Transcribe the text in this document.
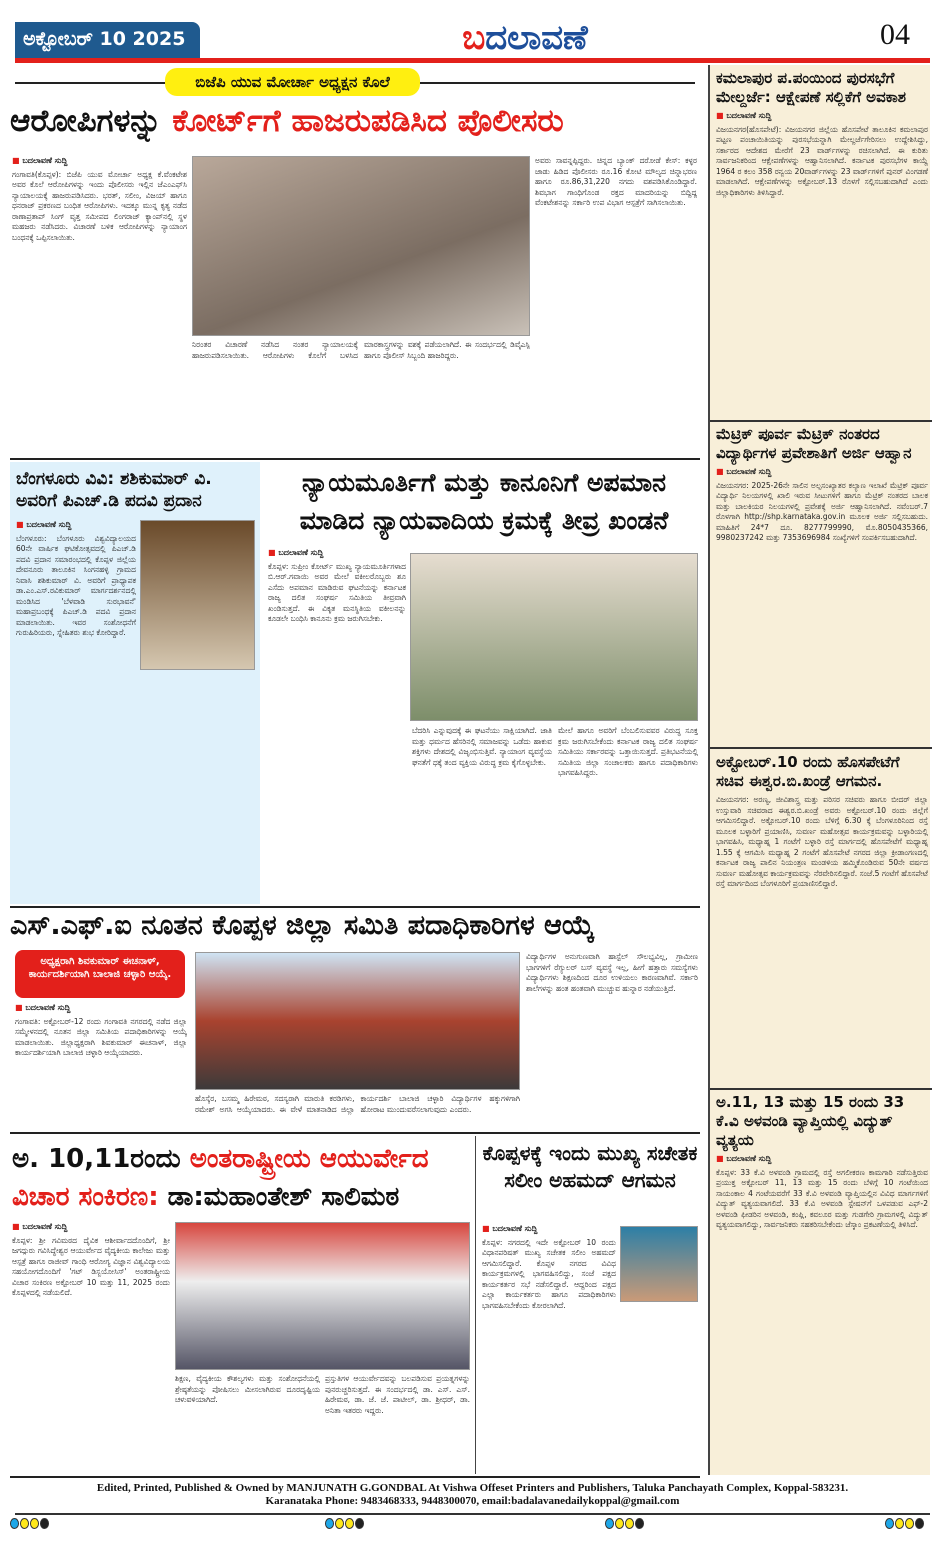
ಅಕ್ಟೋಬರ್ 10 2025	ಬದಲಾವಣೆ	04
ಬಿಜೆಪಿ ಯುವ ಮೋರ್ಚಾ ಅಧ್ಯಕ್ಷನ ಕೊಲೆ
ಆರೋಪಿಗಳನ್ನು ಕೋರ್ಟ್‌ಗೆ ಹಾಜರುಪಡಿಸಿದ ಪೊಲೀಸರು
■ ಬದಲಾವಣೆ ಸುದ್ದಿ

ಗಂಗಾವತಿ(ಕೊಪ್ಪಳ): ಬಿಜೆಪಿ ಯುವ ಮೋರ್ಚಾ ಅಧ್ಯಕ್ಷ ಕೆ.ವೆಂಕಟೇಶ ಅವರ ಕೊಲೆ ಆರೋಪಿಗಳನ್ನು ಇಂದು ಪೊಲೀಸರು ಇಲ್ಲಿನ ಜೆಎಂಎಫ್‌ಸಿ ನ್ಯಾಯಾಲಯಕ್ಕೆ ಹಾಜರುಪಡಿಸಿದರು. ಭರತ್, ಸಲೀಂ, ವಿಜಯ್ ಹಾಗೂ ಧನರಾಜ್ ಪ್ರಕರಣದ ಬಂಧಿತ ಆರೋಪಿಗಳು. ಇದಕ್ಕೂ ಮುನ್ನ ಕೃತ್ಯ ನಡೆದ ರಾಣಾಪ್ರತಾಪ್ ಸಿಂಗ್ ವೃತ್ತ ಸಮೀಪದ ಲಿಂಗರಾಜ್ ಕ್ಯಾಂಪ್‌ನಲ್ಲಿ ಸ್ಥಳ ಮಹಜರು ನಡೆಸಿದರು. ವಿಚಾರಣೆ ಬಳಿಕ ಆರೋಪಿಗಳನ್ನು ನ್ಯಾಯಾಂಗ ಬಂಧನಕ್ಕೆ ಒಪ್ಪಿಸಲಾಯಿತು.

ನಿರಂತರ ವಿಚಾರಣೆ ನಡೆಸಿದ ನಂತರ ನ್ಯಾಯಾಲಯಕ್ಕೆ ಹಾಜರುಪಡಿಸಲಾಯಿತು. ಆರೋಪಿಗಳು ಕೊಲೆಗೆ ಬಳಸಿದ ಮಾರಕಾಸ್ತ್ರಗಳನ್ನು ವಶಕ್ಕೆ ಪಡೆಯಲಾಗಿದೆ. ಈ ಸಂದರ್ಭದಲ್ಲಿ ಡಿವೈಎಸ್ಪಿ ಹಾಗೂ ಪೊಲೀಸ್ ಸಿಬ್ಬಂದಿ ಹಾಜರಿದ್ದರು.

ಅವರು ಸಾವನ್ನಪ್ಪಿದ್ದರು. ಚಿನ್ನದ ಬ್ಯಾಂಕ್ ದರೋಡೆ ಕೇಸ್: ಕಳ್ಳರ ಜಾಡು ಹಿಡಿದ ಪೊಲೀಸರು ರೂ.16 ಕೋಟಿ ಮೌಲ್ಯದ ಚಿನ್ನಾಭರಣ ಹಾಗೂ ರೂ.86,31,220 ನಗದು ವಶಪಡಿಸಿಕೊಂಡಿದ್ದಾರೆ. ಶಿವಭಾಗ ಗಾಂಧಿಗೊಂಡ ರಕ್ತದ ಮಾದರಿಯನ್ನು ಬಿದ್ದಿದ್ದ ವೆಂಕಟೇಶನನ್ನು ಸರ್ಕಾರಿ ಉಪ ವಿಭಾಗ ಆಸ್ಪತ್ರೆಗೆ ಸಾಗಿಸಲಾಯಿತು.

ಬೆಂಗಳೂರು ವಿವಿ: ಶಶಿಕುಮಾರ್ ವಿ. ಅವರಿಗೆ ಪಿಎಚ್.ಡಿ ಪದವಿ ಪ್ರದಾನ
■ ಬದಲಾವಣೆ ಸುದ್ದಿ

ಬೆಂಗಳೂರು: ಬೆಂಗಳೂರು ವಿಶ್ವವಿದ್ಯಾಲಯದ 60ನೇ ವಾರ್ಷಿಕ ಘಟಿಕೋತ್ಸವದಲ್ಲಿ ಪಿಎಚ್.ಡಿ ಪದವಿ ಪ್ರದಾನ ಸಮಾರಂಭದಲ್ಲಿ ಕೊಪ್ಪಳ ಜಿಲ್ಲೆಯ ದೇವನೂರು ತಾಲೂಕಿನ ಸಿಂಗನಹಳ್ಳಿ ಗ್ರಾಮದ ನಿವಾಸಿ ಶಶಿಕುಮಾರ್ ವಿ. ಅವರಿಗೆ ಪ್ರಾಧ್ಯಾಪಕ ಡಾ.ಎಂ.ಎಸ್.ರವಿಕುಮಾರ್ ಮಾರ್ಗದರ್ಶನದಲ್ಲಿ ಮಂಡಿಸಿದ 'ಬೆಳವಾಡಿ ಸುರಭಾವನೆ' ಮಹಾಪ್ರಬಂಧಕ್ಕೆ ಪಿಎಚ್.ಡಿ ಪದವಿ ಪ್ರದಾನ ಮಾಡಲಾಯಿತು. ಇವರ ಸಂಶೋಧನೆಗೆ ಗುರುಹಿರಿಯರು, ಸ್ನೇಹಿತರು ಶುಭ ಕೋರಿದ್ದಾರೆ.

ನ್ಯಾಯಮೂರ್ತಿಗೆ ಮತ್ತು ಕಾನೂನಿಗೆ ಅಪಮಾನ
ಮಾಡಿದ ನ್ಯಾಯವಾದಿಯ ಕ್ರಮಕ್ಕೆ ತೀವ್ರ ಖಂಡನೆ
■ ಬದಲಾವಣೆ ಸುದ್ದಿ

ಕೊಪ್ಪಳ: ಸುಪ್ರೀಂ ಕೋರ್ಟ್ ಮುಖ್ಯ ನ್ಯಾಯಮೂರ್ತಿಗಳಾದ ಬಿ.ಆರ್.ಗವಾಯಿ ಅವರ ಮೇಲೆ ವಕೀಲರೊಬ್ಬರು ಶೂ ಎಸೆದು ಅಪಮಾನ ಮಾಡಿರುವ ಘಟನೆಯನ್ನು ಕರ್ನಾಟಕ ರಾಜ್ಯ ದಲಿತ ಸಂಘರ್ಷ ಸಮಿತಿಯ ತೀವ್ರವಾಗಿ ಖಂಡಿಸುತ್ತದೆ. ಈ ವಿಕೃತ ಮನಸ್ಥಿತಿಯ ವಕೀಲನನ್ನು ಕೂಡಲೇ ಬಂಧಿಸಿ ಕಾನೂನು ಕ್ರಮ ಜರುಗಿಸಬೇಕು.

ಬೆದರಿಸಿ ಎನ್ನುವುದಕ್ಕೆ ಈ ಘಟನೆಯು ಸಾಕ್ಷಿಯಾಗಿದೆ. ಜಾತಿ ಮತ್ತು ಧರ್ಮದ ಹೆಸರಿನಲ್ಲಿ ಸಮಾಜವನ್ನು ಒಡೆದು ಹಾಕುವ ಶಕ್ತಿಗಳು ದೇಶದಲ್ಲಿ ವಿಜೃಂಭಿಸುತ್ತಿವೆ. ನ್ಯಾಯಾಂಗ ವ್ಯವಸ್ಥೆಯ ಘನತೆಗೆ ಧಕ್ಕೆ ತಂದ ವ್ಯಕ್ತಿಯ ವಿರುದ್ಧ ಕ್ರಮ ಕೈಗೊಳ್ಳಬೇಕು.

ಮೇಲೆ ಹಾಗೂ ಅವರಿಗೆ ಬೆಂಬಲಿಸುವವರ ವಿರುದ್ಧ ಸೂಕ್ತ ಕ್ರಮ ಜರುಗಿಸಬೇಕೆಂದು ಕರ್ನಾಟಕ ರಾಜ್ಯ ದಲಿತ ಸಂಘರ್ಷ ಸಮಿತಿಯು ಸರ್ಕಾರವನ್ನು ಒತ್ತಾಯಿಸುತ್ತದೆ. ಪ್ರತಿಭಟನೆಯಲ್ಲಿ ಸಮಿತಿಯ ಜಿಲ್ಲಾ ಸಂಚಾಲಕರು ಹಾಗೂ ಪದಾಧಿಕಾರಿಗಳು ಭಾಗವಹಿಸಿದ್ದರು.

ಎಸ್.ಎಫ್.ಐ ನೂತನ ಕೊಪ್ಪಳ ಜಿಲ್ಲಾ ಸಮಿತಿ ಪದಾಧಿಕಾರಿಗಳ ಆಯ್ಕೆ
ಅಧ್ಯಕ್ಷರಾಗಿ ಶಿವಕುಮಾರ್ ಈಚನಾಳ್, ಕಾರ್ಯದರ್ಶಿಯಾಗಿ ಬಾಲಾಜಿ ಚಳ್ಳಾರಿ ಆಯ್ಕೆ.
■ ಬದಲಾವಣೆ ಸುದ್ದಿ

ಗಂಗಾವತಿ: ಅಕ್ಟೋಬರ್-12 ರಂದು ಗಂಗಾವತಿ ನಗರದಲ್ಲಿ ನಡೆದ ಜಿಲ್ಲಾ ಸಮ್ಮೇಳನದಲ್ಲಿ ನೂತನ ಜಿಲ್ಲಾ ಸಮಿತಿಯ ಪದಾಧಿಕಾರಿಗಳನ್ನು ಆಯ್ಕೆ ಮಾಡಲಾಯಿತು. ಜಿಲ್ಲಾಧ್ಯಕ್ಷರಾಗಿ ಶಿವಕುಮಾರ್ ಈಚನಾಳ್, ಜಿಲ್ಲಾ ಕಾರ್ಯದರ್ಶಿಯಾಗಿ ಬಾಲಾಜಿ ಚಳ್ಳಾರಿ ಆಯ್ಕೆಯಾದರು.

ಹೊಸ್ಕೆರ, ಬಸಮ್ಮ ಹಿರೇಮಠ, ಸದಸ್ಯರಾಗಿ ಮಾರುತಿ ಕರಡಿಗಳು, ರಮೇಶ್ ಅಗಸಿ ಆಯ್ಕೆಯಾದರು. ಈ ವೇಳೆ ಮಾತನಾಡಿದ ಜಿಲ್ಲಾ ಕಾರ್ಯದರ್ಶಿ ಬಾಲಾಜಿ ಚಳ್ಳಾರಿ ವಿದ್ಯಾರ್ಥಿಗಳ ಹಕ್ಕುಗಳಿಗಾಗಿ ಹೋರಾಟ ಮುಂದುವರೆಸಲಾಗುವುದು ಎಂದರು.

ವಿದ್ಯಾರ್ಥಿಗಳ ಅನುಗುಣವಾಗಿ ಹಾಸ್ಟೆಲ್ ಸೌಲಭ್ಯವಿಲ್ಲ, ಗ್ರಾಮೀಣ ಭಾಗಗಳಿಗೆ ರೆಗ್ಯುಲರ್ ಬಸ್ ವ್ಯವಸ್ಥೆ ಇಲ್ಲ, ಹೀಗೆ ಹತ್ತಾರು ಸಮಸ್ಯೆಗಳು ವಿದ್ಯಾರ್ಥಿಗಳು ಶಿಕ್ಷಣದಿಂದ ದೂರ ಉಳಿಯಲು ಕಾರಣವಾಗಿವೆ. ಸರ್ಕಾರಿ ಶಾಲೆಗಳನ್ನು ಹಂತ ಹಂತವಾಗಿ ಮುಚ್ಚುವ ಹುನ್ನಾರ ನಡೆಯುತ್ತಿದೆ.

ಅ. 10,11ರಂದು ಅಂತರಾಷ್ಟ್ರೀಯ ಆಯುರ್ವೇದ
ವಿಚಾರ ಸಂಕಿರಣ: ಡಾ:ಮಹಾಂತೇಶ್ ಸಾಲಿಮಠ
■ ಬದಲಾವಣೆ ಸುದ್ದಿ

ಕೊಪ್ಪಳ: ಶ್ರೀ ಗವಿಮಠದ ದೈವಿಕ ಆಶೀರ್ವಾದದೊಂದಿಗೆ, ಶ್ರೀ ಜಗದ್ಗುರು ಗವಿಸಿದ್ಧೇಶ್ವರ ಆಯುರ್ವೇದ ವೈದ್ಯಕೀಯ ಕಾಲೇಜು ಮತ್ತು ಆಸ್ಪತ್ರೆ ಹಾಗೂ ರಾಜೀವ್ ಗಾಂಧಿ ಆರೋಗ್ಯ ವಿಜ್ಞಾನ ವಿಶ್ವವಿದ್ಯಾಲಯ ಸಹಯೋಗದೊಂದಿಗೆ 'ಗಟ್ ಡಿಸ್ಬಯೋಸಿಸ್' ಅಂತರಾಷ್ಟ್ರೀಯ ವಿಚಾರ ಸಂಕಿರಣ ಅಕ್ಟೋಬರ್ 10 ಮತ್ತು 11, 2025 ರಂದು ಕೊಪ್ಪಳದಲ್ಲಿ ನಡೆಯಲಿದೆ.

ಶಿಕ್ಷಣ, ವೈದ್ಯಕೀಯ ಕೌಶಲ್ಯಗಳು ಮತ್ತು ಸಂಶೋಧನೆಯಲ್ಲಿ ಶ್ರೇಷ್ಠತೆಯನ್ನು ಪೋಷಿಸಲು ಮೀಸಲಾಗಿರುವ ದೂರದೃಷ್ಟಿಯ ಚಳುವಳಿಯಾಗಿದೆ.

ಪ್ರಸ್ತುತಿಗಳ ಆಯುರ್ವೇದವನ್ನು ಬಲಪಡಿಸುವ ಪ್ರಯತ್ನಗಳನ್ನು ಪುನರುಚ್ಚರಿಸುತ್ತದೆ. ಈ ಸಂದರ್ಭದಲ್ಲಿ ಡಾ. ಎಸ್. ಎಸ್. ಹಿರೇಮಠ, ಡಾ. ಜೆ. ಜೆ. ಪಾಟೀಲ್, ಡಾ. ಶ್ರೀಧರ್, ಡಾ. ಅನಿತಾ ಇತರರು ಇದ್ದರು.

ಕೊಪ್ಪಳಕ್ಕೆ ಇಂದು ಮುಖ್ಯ ಸಚೇತಕ ಸಲೀಂ ಅಹಮದ್ ಆಗಮನ
■ ಬದಲಾವಣೆ ಸುದ್ದಿ

ಕೊಪ್ಪಳ: ನಗರದಲ್ಲಿ ಇದೇ ಅಕ್ಟೋಬರ್ 10 ರಂದು ವಿಧಾನಪರಿಷತ್ ಮುಖ್ಯ ಸಚೇತಕ ಸಲೀಂ ಅಹಮದ್ ಆಗಮಿಸಲಿದ್ದಾರೆ. ಕೊಪ್ಪಳ ನಗರದ ವಿವಿಧ ಕಾರ್ಯಕ್ರಮಗಳಲ್ಲಿ ಭಾಗವಹಿಸಲಿದ್ದು, ಸಂಜೆ ಪಕ್ಷದ ಕಾರ್ಯಕರ್ತರ ಸಭೆ ನಡೆಸಲಿದ್ದಾರೆ. ಆದ್ದರಿಂದ ಪಕ್ಷದ ಎಲ್ಲಾ ಕಾರ್ಯಕರ್ತರು ಹಾಗೂ ಪದಾಧಿಕಾರಿಗಳು ಭಾಗವಹಿಸಬೇಕೆಂದು ಕೋರಲಾಗಿದೆ.

ಕಮಲಾಪುರ ಪ.ಪಂಯಿಂದ ಪುರಸಭೆಗೆ ಮೇಲ್ದರ್ಜೆ: ಆಕ್ಷೇಪಣೆ ಸಲ್ಲಿಕೆಗೆ ಅವಕಾಶ
■ ಬದಲಾವಣೆ ಸುದ್ದಿ

ವಿಜಯನಗರ(ಹೊಸಪೇಟೆ): ವಿಜಯನಗರ ಜಿಲ್ಲೆಯ ಹೊಸಪೇಟೆ ತಾಲೂಕಿನ ಕಮಲಾಪುರ ಪಟ್ಟಣ ಪಂಚಾಯಿತಿಯನ್ನು ಪುರಸಭೆಯನ್ನಾಗಿ ಮೇಲ್ದರ್ಜೆಗೇರಿಸಲು ಉದ್ದೇಶಿಸಿದ್ದು, ಸರ್ಕಾರದ ಆದೇಶದ ಮೇರೆಗೆ 23 ವಾರ್ಡ್‌ಗಳನ್ನು ರಚಿಸಲಾಗಿದೆ. ಈ ಕುರಿತು ಸಾರ್ವಜನಿಕರಿಂದ ಆಕ್ಷೇಪಣೆಗಳನ್ನು ಆಹ್ವಾನಿಸಲಾಗಿದೆ. ಕರ್ನಾಟಕ ಪುರಸಭೆಗಳ ಕಾಯ್ದೆ 1964 ರ ಕಲಂ 358 ರನ್ವಯ 20ವಾರ್ಡ್‌ಗಳನ್ನು 23 ವಾರ್ಡ್‌ಗಳಿಗೆ ಪುನರ್ ವಿಂಗಡಣೆ ಮಾಡಲಾಗಿದೆ. ಆಕ್ಷೇಪಣೆಗಳನ್ನು ಅಕ್ಟೋಬರ್.13 ರೊಳಗೆ ಸಲ್ಲಿಸಬಹುದಾಗಿದೆ ಎಂದು ಜಿಲ್ಲಾಧಿಕಾರಿಗಳು ತಿಳಿಸಿದ್ದಾರೆ.

ಮೆಟ್ರಿಕ್ ಪೂರ್ವ ಮೆಟ್ರಿಕ್ ನಂತರದ ವಿದ್ಯಾರ್ಥಿಗಳ ಪ್ರವೇಶಾತಿಗೆ ಅರ್ಜಿ ಆಹ್ವಾನ
■ ಬದಲಾವಣೆ ಸುದ್ದಿ

ವಿಜಯನಗರ: 2025-26ನೇ ಸಾಲಿನ ಅಲ್ಪಸಂಖ್ಯಾತರ ಕಲ್ಯಾಣ ಇಲಾಖೆ ಮೆಟ್ರಿಕ್ ಪೂರ್ವ ವಿದ್ಯಾರ್ಥಿ ನಿಲಯಗಳಲ್ಲಿ ಖಾಲಿ ಇರುವ ಸೀಟುಗಳಿಗೆ ಹಾಗೂ ಮೆಟ್ರಿಕ್ ನಂತರದ ಬಾಲಕ ಮತ್ತು ಬಾಲಕಿಯರ ನಿಲಯಗಳಲ್ಲಿ ಪ್ರವೇಶಕ್ಕೆ ಅರ್ಜಿ ಆಹ್ವಾನಿಸಲಾಗಿದೆ. ನವೆಂಬರ್.7 ರೊಳಗಾಗಿ http://shp.karnataka.gov.in ಮೂಲಕ ಅರ್ಜಿ ಸಲ್ಲಿಸಬಹುದು. ಮಾಹಿತಿಗೆ 24*7 ದೂ. 8277799990, ಮೊ.8050435366, 9980237242 ಮತ್ತು 7353696984 ಸಂಖ್ಯೆಗಳಿಗೆ ಸಂಪರ್ಕಿಸಬಹುದಾಗಿದೆ.

ಅಕ್ಟೋಬರ್.10 ರಂದು ಹೊಸಪೇಟೆಗೆ ಸಚಿವ ಈಶ್ವರ.ಬಿ.ಖಂಡ್ರೆ ಆಗಮನ.

ವಿಜಯನಗರ: ಅರಣ್ಯ, ಜೀವಿಶಾಸ್ತ್ರ ಮತ್ತು ಪರಿಸರ ಸಚಿವರು ಹಾಗೂ ಬೀದರ್ ಜಿಲ್ಲಾ ಉಸ್ತುವಾರಿ ಸಚಿವರಾದ ಈಶ್ವರ.ಬಿ.ಖಂಡ್ರೆ ಅವರು ಅಕ್ಟೋಬರ್.10 ರಂದು ಜಿಲ್ಲೆಗೆ ಆಗಮಿಸಲಿದ್ದಾರೆ. ಅಕ್ಟೋಬರ್.10 ರಂದು ಬೆಳಿಗ್ಗೆ 6.30 ಕ್ಕೆ ಬೆಂಗಳೂರಿನಿಂದ ರಸ್ತೆ ಮೂಲಕ ಬಳ್ಳಾರಿಗೆ ಪ್ರಯಾಣಿಸಿ, ಸುವರ್ಣ ಮಹೋತ್ಸವ ಕಾರ್ಯಕ್ರಮವನ್ನು ಬಳ್ಳಾರಿಯಲ್ಲಿ ಭಾಗವಹಿಸಿ, ಮಧ್ಯಾಹ್ನ 1 ಗಂಟೆಗೆ ಬಳ್ಳಾರಿ ರಸ್ತೆ ಮಾರ್ಗದಲ್ಲಿ ಹೊಸಪೇಟೆಗೆ ಮಧ್ಯಾಹ್ನ 1.55 ಕ್ಕೆ ಆಗಮಿಸಿ ಮಧ್ಯಾಹ್ನ 2 ಗಂಟೆಗೆ ಹೊಸಪೇಟೆ ನಗರದ ಜಿಲ್ಲಾ ಕ್ರೀಡಾಂಗಣದಲ್ಲಿ ಕರ್ನಾಟಕ ರಾಜ್ಯ ಪಾಲಿನ ನಿಯಂತ್ರಣ ಮಂಡಳಿಯ ಹಮ್ಮಿಕೊಂಡಿರುವ 50ನೇ ವರ್ಷದ ಸುವರ್ಣ ಮಹೋತ್ಸವ ಕಾರ್ಯಕ್ರಮವನ್ನು ನೆರವೇರಿಸಲಿದ್ದಾರೆ. ಸಂಜೆ.5 ಗಂಟೆಗೆ ಹೊಸಪೇಟೆ ರಸ್ತೆ ಮಾರ್ಗದಿಂದ ಬೆಂಗಳೂರಿಗೆ ಪ್ರಯಾಣಿಸಲಿದ್ದಾರೆ.

ಅ.11, 13 ಮತ್ತು 15 ರಂದು 33 ಕೆ.ವಿ ಅಳವಂಡಿ ವ್ಯಾಪ್ತಿಯಲ್ಲಿ ವಿದ್ಯುತ್ ವ್ಯತ್ಯಯ
■ ಬದಲಾವಣೆ ಸುದ್ದಿ

ಕೊಪ್ಪಳ: 33 ಕೆ.ವಿ ಅಳವಂಡಿ ಗ್ರಾಮದಲ್ಲಿ ರಸ್ತೆ ಅಗಲೀಕರಣ ಕಾಮಗಾರಿ ನಡೆಸುತ್ತಿರುವ ಪ್ರಯುಕ್ತ ಅಕ್ಟೋಬರ್ 11, 13 ಮತ್ತು 15 ರಂದು ಬೆಳಿಗ್ಗೆ 10 ಗಂಟೆಯಿಂದ ಸಾಯಂಕಾಲ 4 ಗಂಟೆಯವರೆಗೆ 33 ಕೆ.ವಿ ಅಳವಂಡಿ ವ್ಯಾಪ್ತಿಯಲ್ಲಿನ ವಿವಿಧ ಮಾರ್ಗಗಳಿಗೆ ವಿದ್ಯುತ್ ವ್ಯತ್ಯಯವಾಗಲಿದೆ. 33 ಕೆ.ವಿ ಅಳವಂಡಿ ಸ್ಟೇಷನ್‌ಗೆ ಒಳಪಡುವ ಎಫ್-2 ಅಳವಂಡಿ ಫೀಡರಿನ ಅಳವಂಡಿ, ಕಂಪ್ಲಿ, ಕವಲೂರ ಮತ್ತು ಗುಡಗೇರಿ ಗ್ರಾಮಗಳಲ್ಲಿ ವಿದ್ಯುತ್ ವ್ಯತ್ಯಯವಾಗಲಿದ್ದು, ಸಾರ್ವಜನಿಕರು ಸಹಕರಿಸಬೇಕೆಂದು ಜೆಸ್ಕಾಂ ಪ್ರಕಟಣೆಯಲ್ಲಿ ತಿಳಿಸಿದೆ.

Edited, Printed, Published & Owned by MANJUNATH G.GONDBAL At Vishwa Offeset Printers and Publishers, Taluka Panchayath Complex, Koppal-583231.
Karanataka Phone: 9483468333, 9448300070, email:badalavanedailykoppal@gmail.com
